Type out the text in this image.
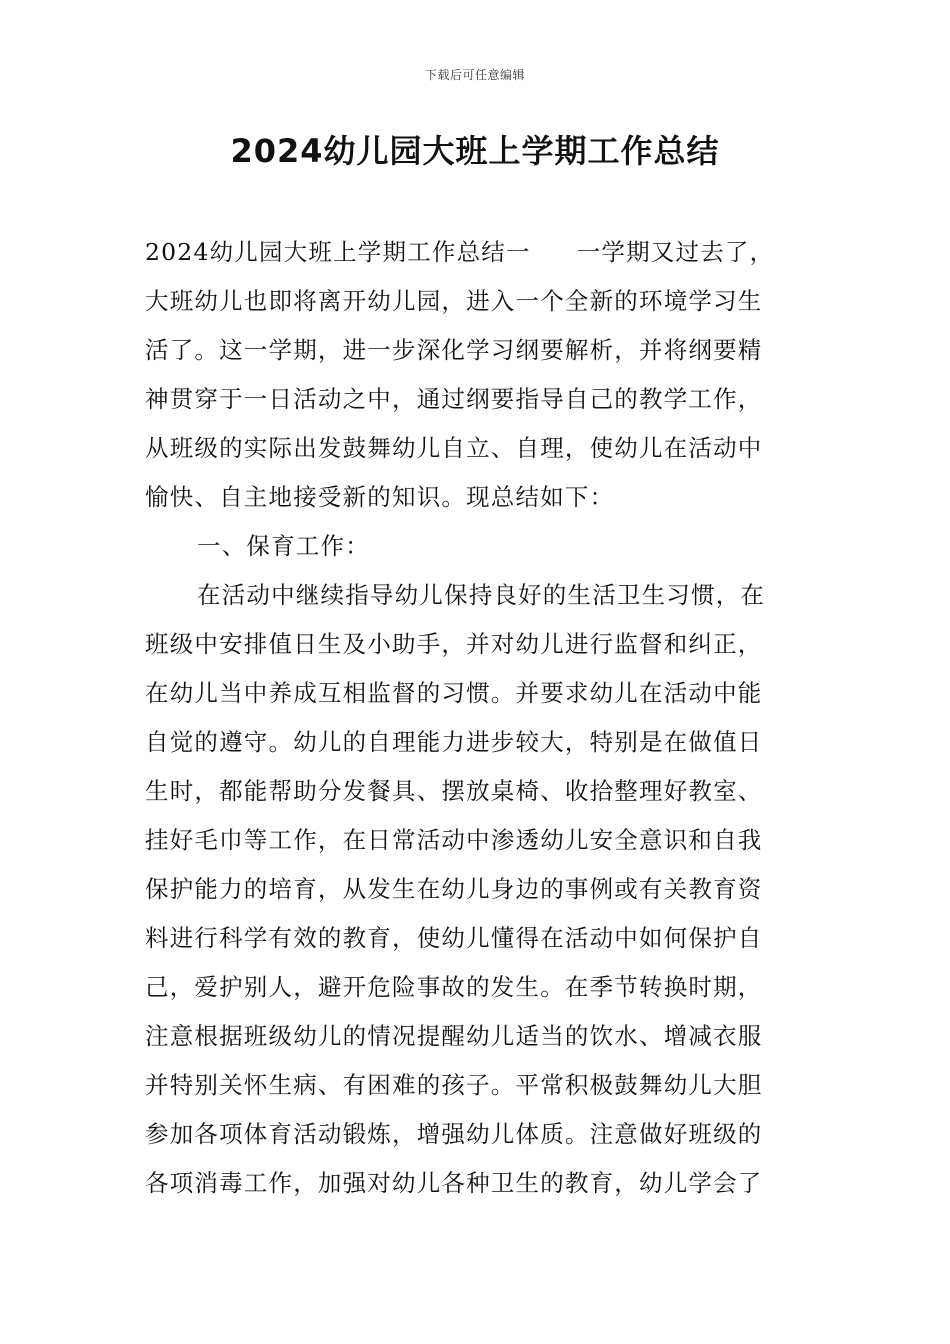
下载后可任意编辑
2024幼儿园大班上学期工作总结
2024幼儿园大班上学期工作总结一 一学期又过去了，
大班幼儿也即将离开幼儿园，进入一个全新的环境学习生
活了。这一学期，进一步深化学习纲要解析，并将纲要精
神贯穿于一日活动之中，通过纲要指导自己的教学工作，
从班级的实际出发鼓舞幼儿自立、自理，使幼儿在活动中
愉快、自主地接受新的知识。现总结如下：
一、保育工作：
在活动中继续指导幼儿保持良好的生活卫生习惯，在
班级中安排值日生及小助手，并对幼儿进行监督和纠正，
在幼儿当中养成互相监督的习惯。并要求幼儿在活动中能
自觉的遵守。幼儿的自理能力进步较大，特别是在做值日
生时，都能帮助分发餐具、摆放桌椅、收拾整理好教室、
挂好毛巾等工作，在日常活动中渗透幼儿安全意识和自我
保护能力的培育，从发生在幼儿身边的事例或有关教育资
料进行科学有效的教育，使幼儿懂得在活动中如何保护自
己，爱护别人，避开危险事故的发生。在季节转换时期，
注意根据班级幼儿的情况提醒幼儿适当的饮水、增减衣服
并特别关怀生病、有困难的孩子。平常积极鼓舞幼儿大胆
参加各项体育活动锻炼，增强幼儿体质。注意做好班级的
各项消毒工作，加强对幼儿各种卫生的教育，幼儿学会了
